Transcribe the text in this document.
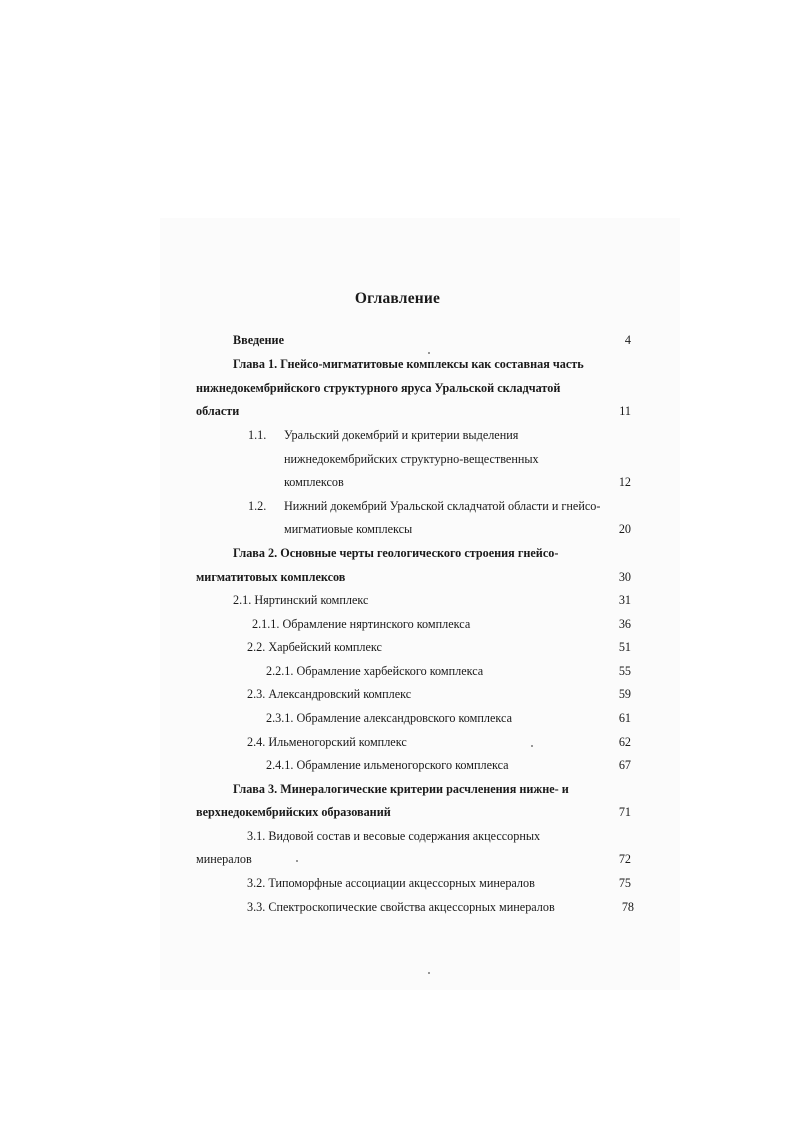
Оглавление
Введение	4
Глава 1. Гнейсо-мигматитовые комплексы как составная часть
нижнедокембрийского структурного яруса Уральской складчатой
области	11
1.1. Уральский докембрий и критерии выделения
нижнедокембрийских структурно-вещественных
комплексов	12
1.2. Нижний докембрий Уральской складчатой области и гнейсо-
мигматиовые комплексы	20
Глава 2. Основные черты геологического строения гнейсо-
мигматитовых комплексов	30
2.1. Няртинский комплекс	31
2.1.1. Обрамление няртинского комплекса	36
2.2. Харбейский комплекс	51
2.2.1. Обрамление харбейского комплекса	55
2.3. Александровский комплекс	59
2.3.1. Обрамление александровского комплекса	61
2.4. Ильменогорский комплекс	62
2.4.1. Обрамление ильменогорского комплекса	67
Глава 3. Минералогические критерии расчленения нижне- и
верхнедокембрийских образований	71
3.1. Видовой состав и весовые содержания акцессорных
минералов	72
3.2. Типоморфные ассоциации акцессорных минералов	75
3.3. Спектроскопические свойства акцессорных минералов	78
